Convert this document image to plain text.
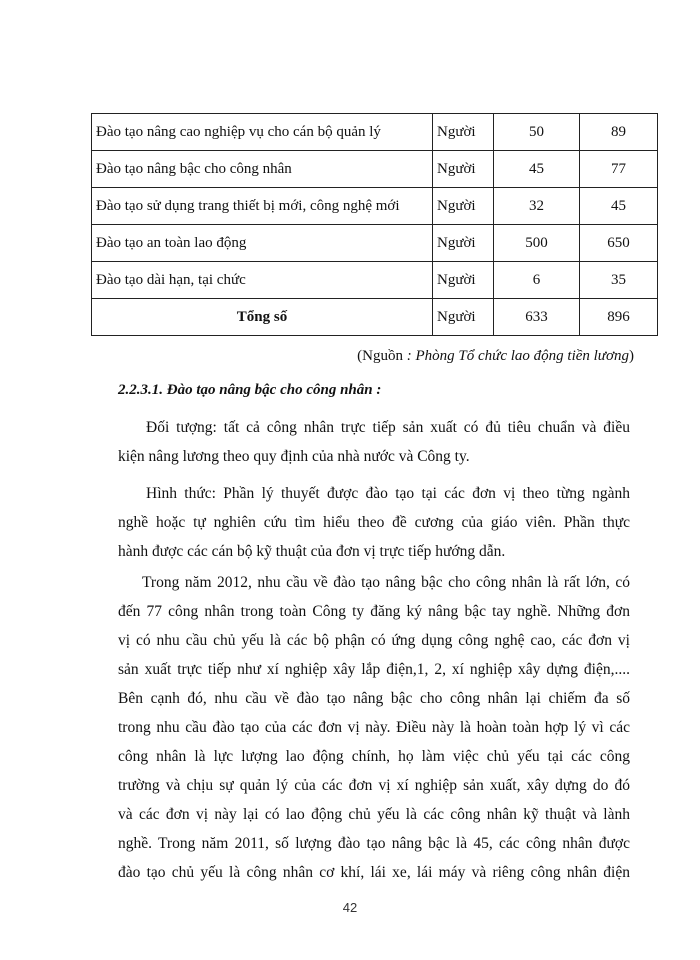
Đào tạo nâng cao nghiệp vụ cho cán bộ quản lý	Người	50	89
Đào tạo nâng bậc cho công nhân	Người	45	77
Đào tạo sử dụng trang thiết bị mới, công nghệ mới	Người	32	45
Đào tạo an toàn lao động	Người	500	650
Đào tạo dài hạn, tại chức	Người	6	35
Tổng số	Người	633	896
(Nguồn : Phòng Tổ chức lao động tiền lương)
2.2.3.1. Đào tạo nâng bậc cho công nhân :
Đối tượng: tất cả công nhân trực tiếp sản xuất có đủ tiêu chuẩn và điều
kiện nâng lương theo quy định của nhà nước và Công ty.
Hình thức: Phần lý thuyết được đào tạo tại các đơn vị theo từng ngành
nghề hoặc tự nghiên cứu tìm hiểu theo đề cương của giáo viên. Phần thực
hành được các cán bộ kỹ thuật của đơn vị trực tiếp hướng dẫn.
Trong năm 2012, nhu cầu về đào tạo nâng bậc cho công nhân là rất lớn, có
đến 77 công nhân trong toàn Công ty đăng ký nâng bậc tay nghề. Những đơn
vị có nhu cầu chủ yếu là các bộ phận có ứng dụng công nghệ cao, các đơn vị
sản xuất trực tiếp như xí nghiệp xây lắp điện,1, 2, xí nghiệp xây dựng điện,....
Bên cạnh đó, nhu cầu về đào tạo nâng bậc cho công nhân lại chiếm đa số
trong nhu cầu đào tạo của các đơn vị này. Điều này là hoàn toàn hợp lý vì các
công nhân là lực lượng lao động chính, họ làm việc chủ yếu tại các công
trường và chịu sự quản lý của các đơn vị xí nghiệp sản xuất, xây dựng do đó
và các đơn vị này lại có lao động chủ yếu là các công nhân kỹ thuật và lành
nghề. Trong năm 2011, số lượng đào tạo nâng bậc là 45, các công nhân được
đào tạo chủ yếu là công nhân cơ khí, lái xe, lái máy và riêng công nhân điện
42
